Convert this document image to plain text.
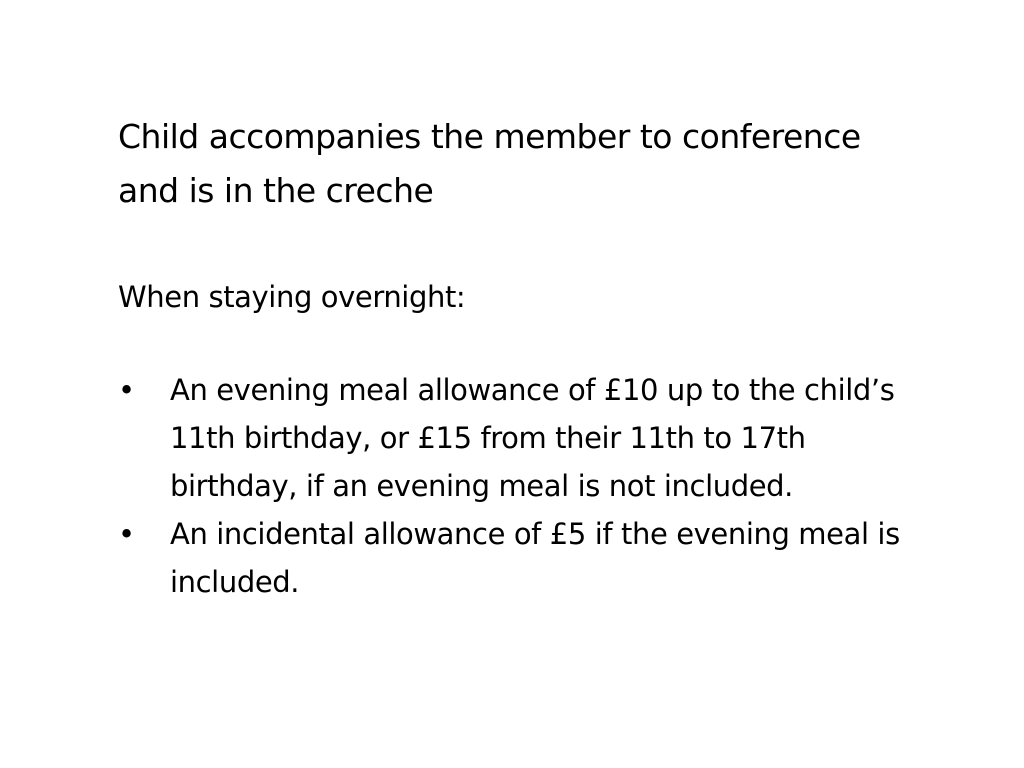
Child accompanies the member to conference and is in the creche
When staying overnight:
• An evening meal allowance of £10 up to the child’s 11th birthday, or £15 from their 11th to 17th birthday, if an evening meal is not included.
• An incidental allowance of £5 if the evening meal is included.
